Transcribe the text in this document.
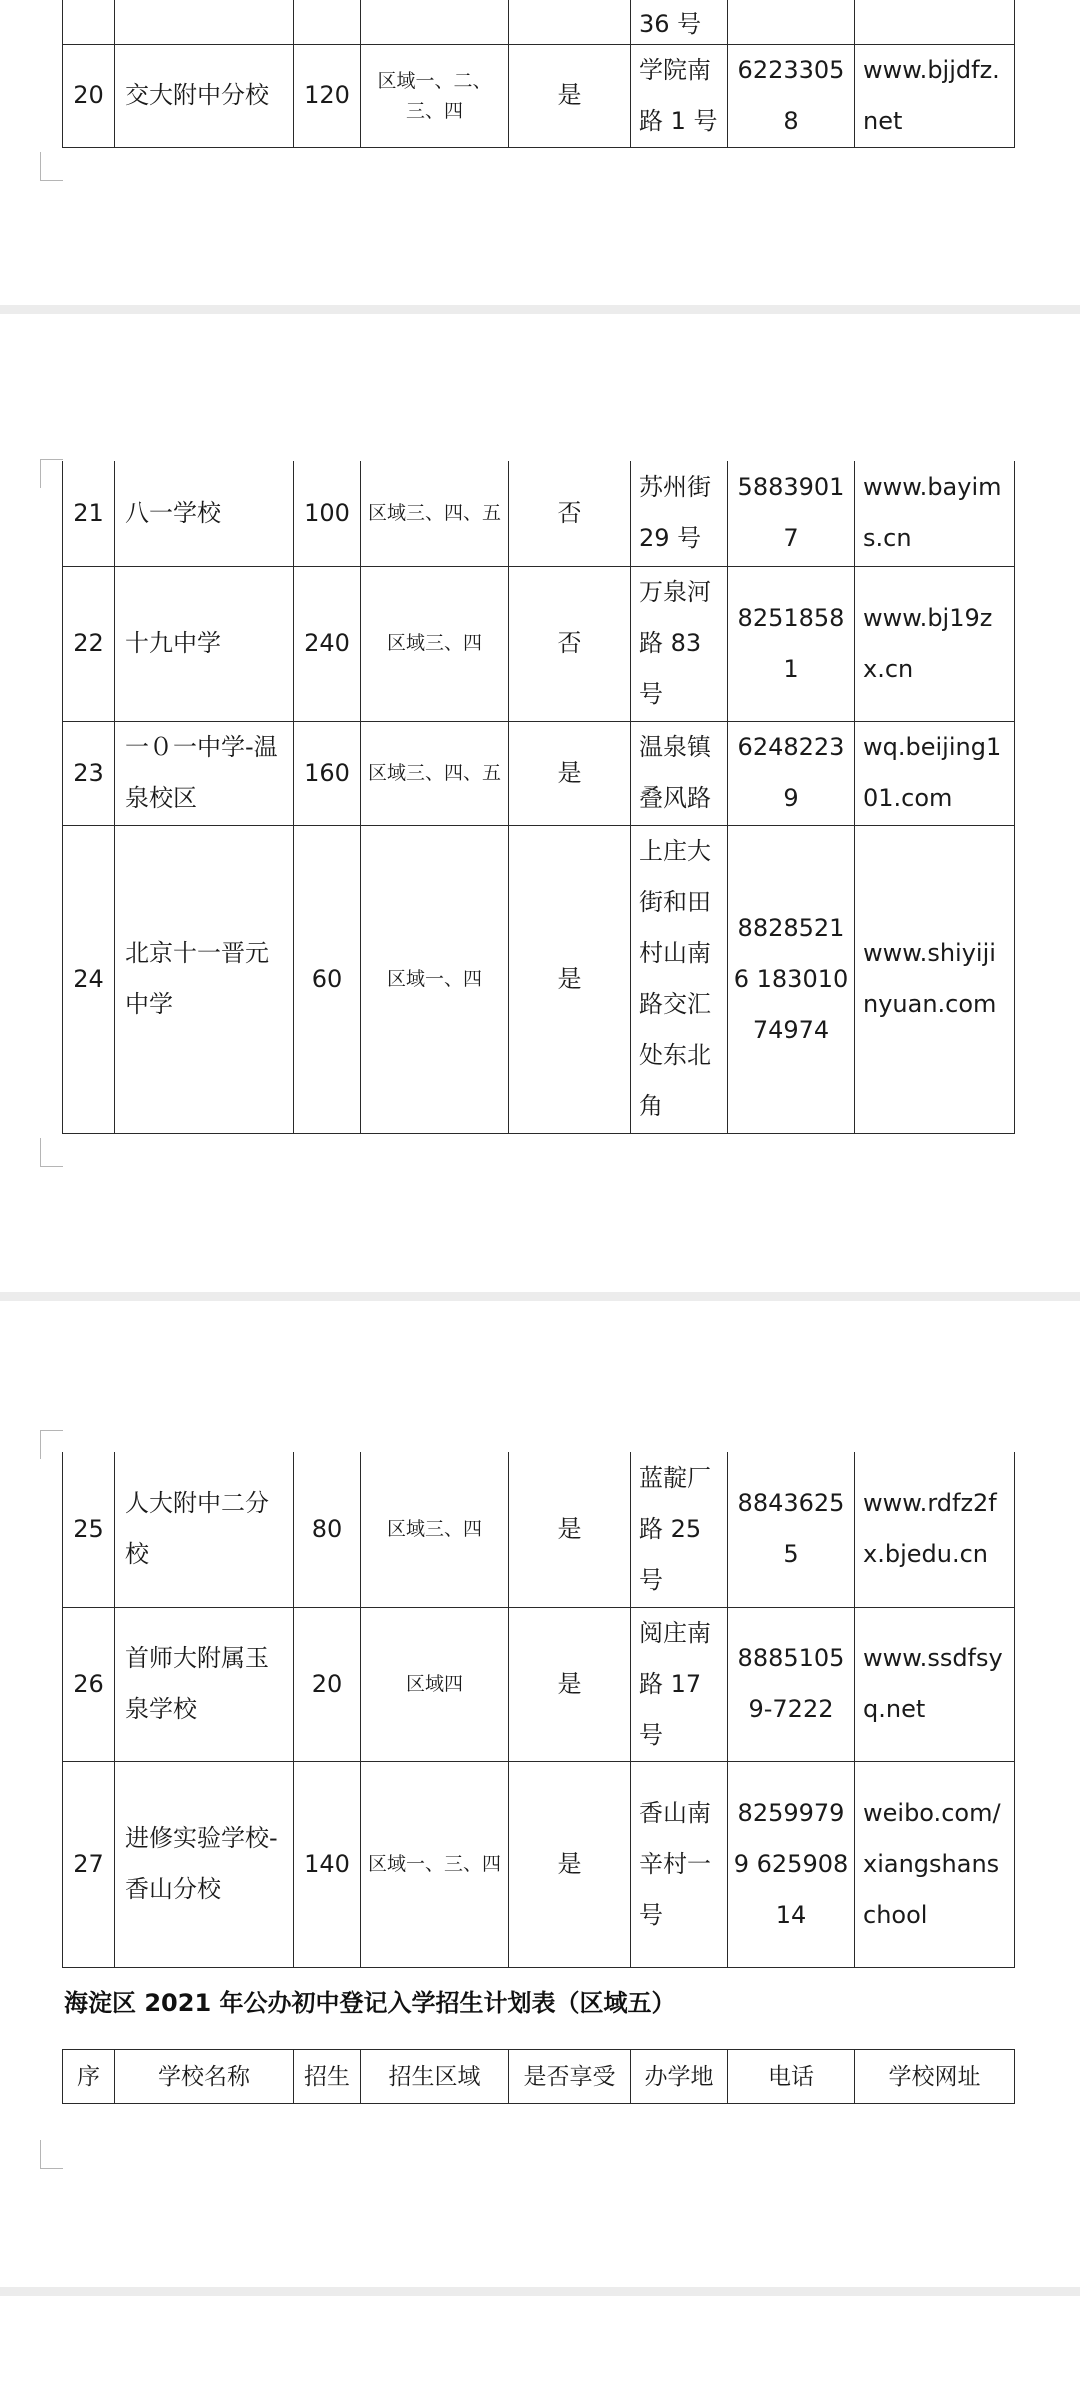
					36 号		
20	交大附中分校	120	区域一、二、三、四	是	学院南路 1 号	62233058	www.bjjdfz.net
21	八一学校	100	区域三、四、五	否	苏州街 29 号	58839017	www.bayims.cn
22	十九中学	240	区域三、四	否	万泉河路 83 号	82518581	www.bj19zx.cn
23	一０一中学-温泉校区	160	区域三、四、五	是	温泉镇叠风路	62482239	wq.beijing101.com
24	北京十一晋元中学	60	区域一、四	是	上庄大街和田村山南路交汇处东北角	88285216 18301074974	www.shiyijinyuan.com
25	人大附中二分校	80	区域三、四	是	蓝靛厂路 25 号	88436255	www.rdfz2fx.bjedu.cn
26	首师大附属玉泉学校	20	区域四	是	阅庄南路 17 号	88851059-7222	www.ssdfsyq.net
27	进修实验学校-香山分校	140	区域一、三、四	是	香山南辛村一号	82599799 62590814	weibo.com/xiangshanschool
海淀区 2021 年公办初中登记入学招生计划表（区域五）
序	学校名称	招生	招生区域	是否享受	办学地	电话	学校网址
